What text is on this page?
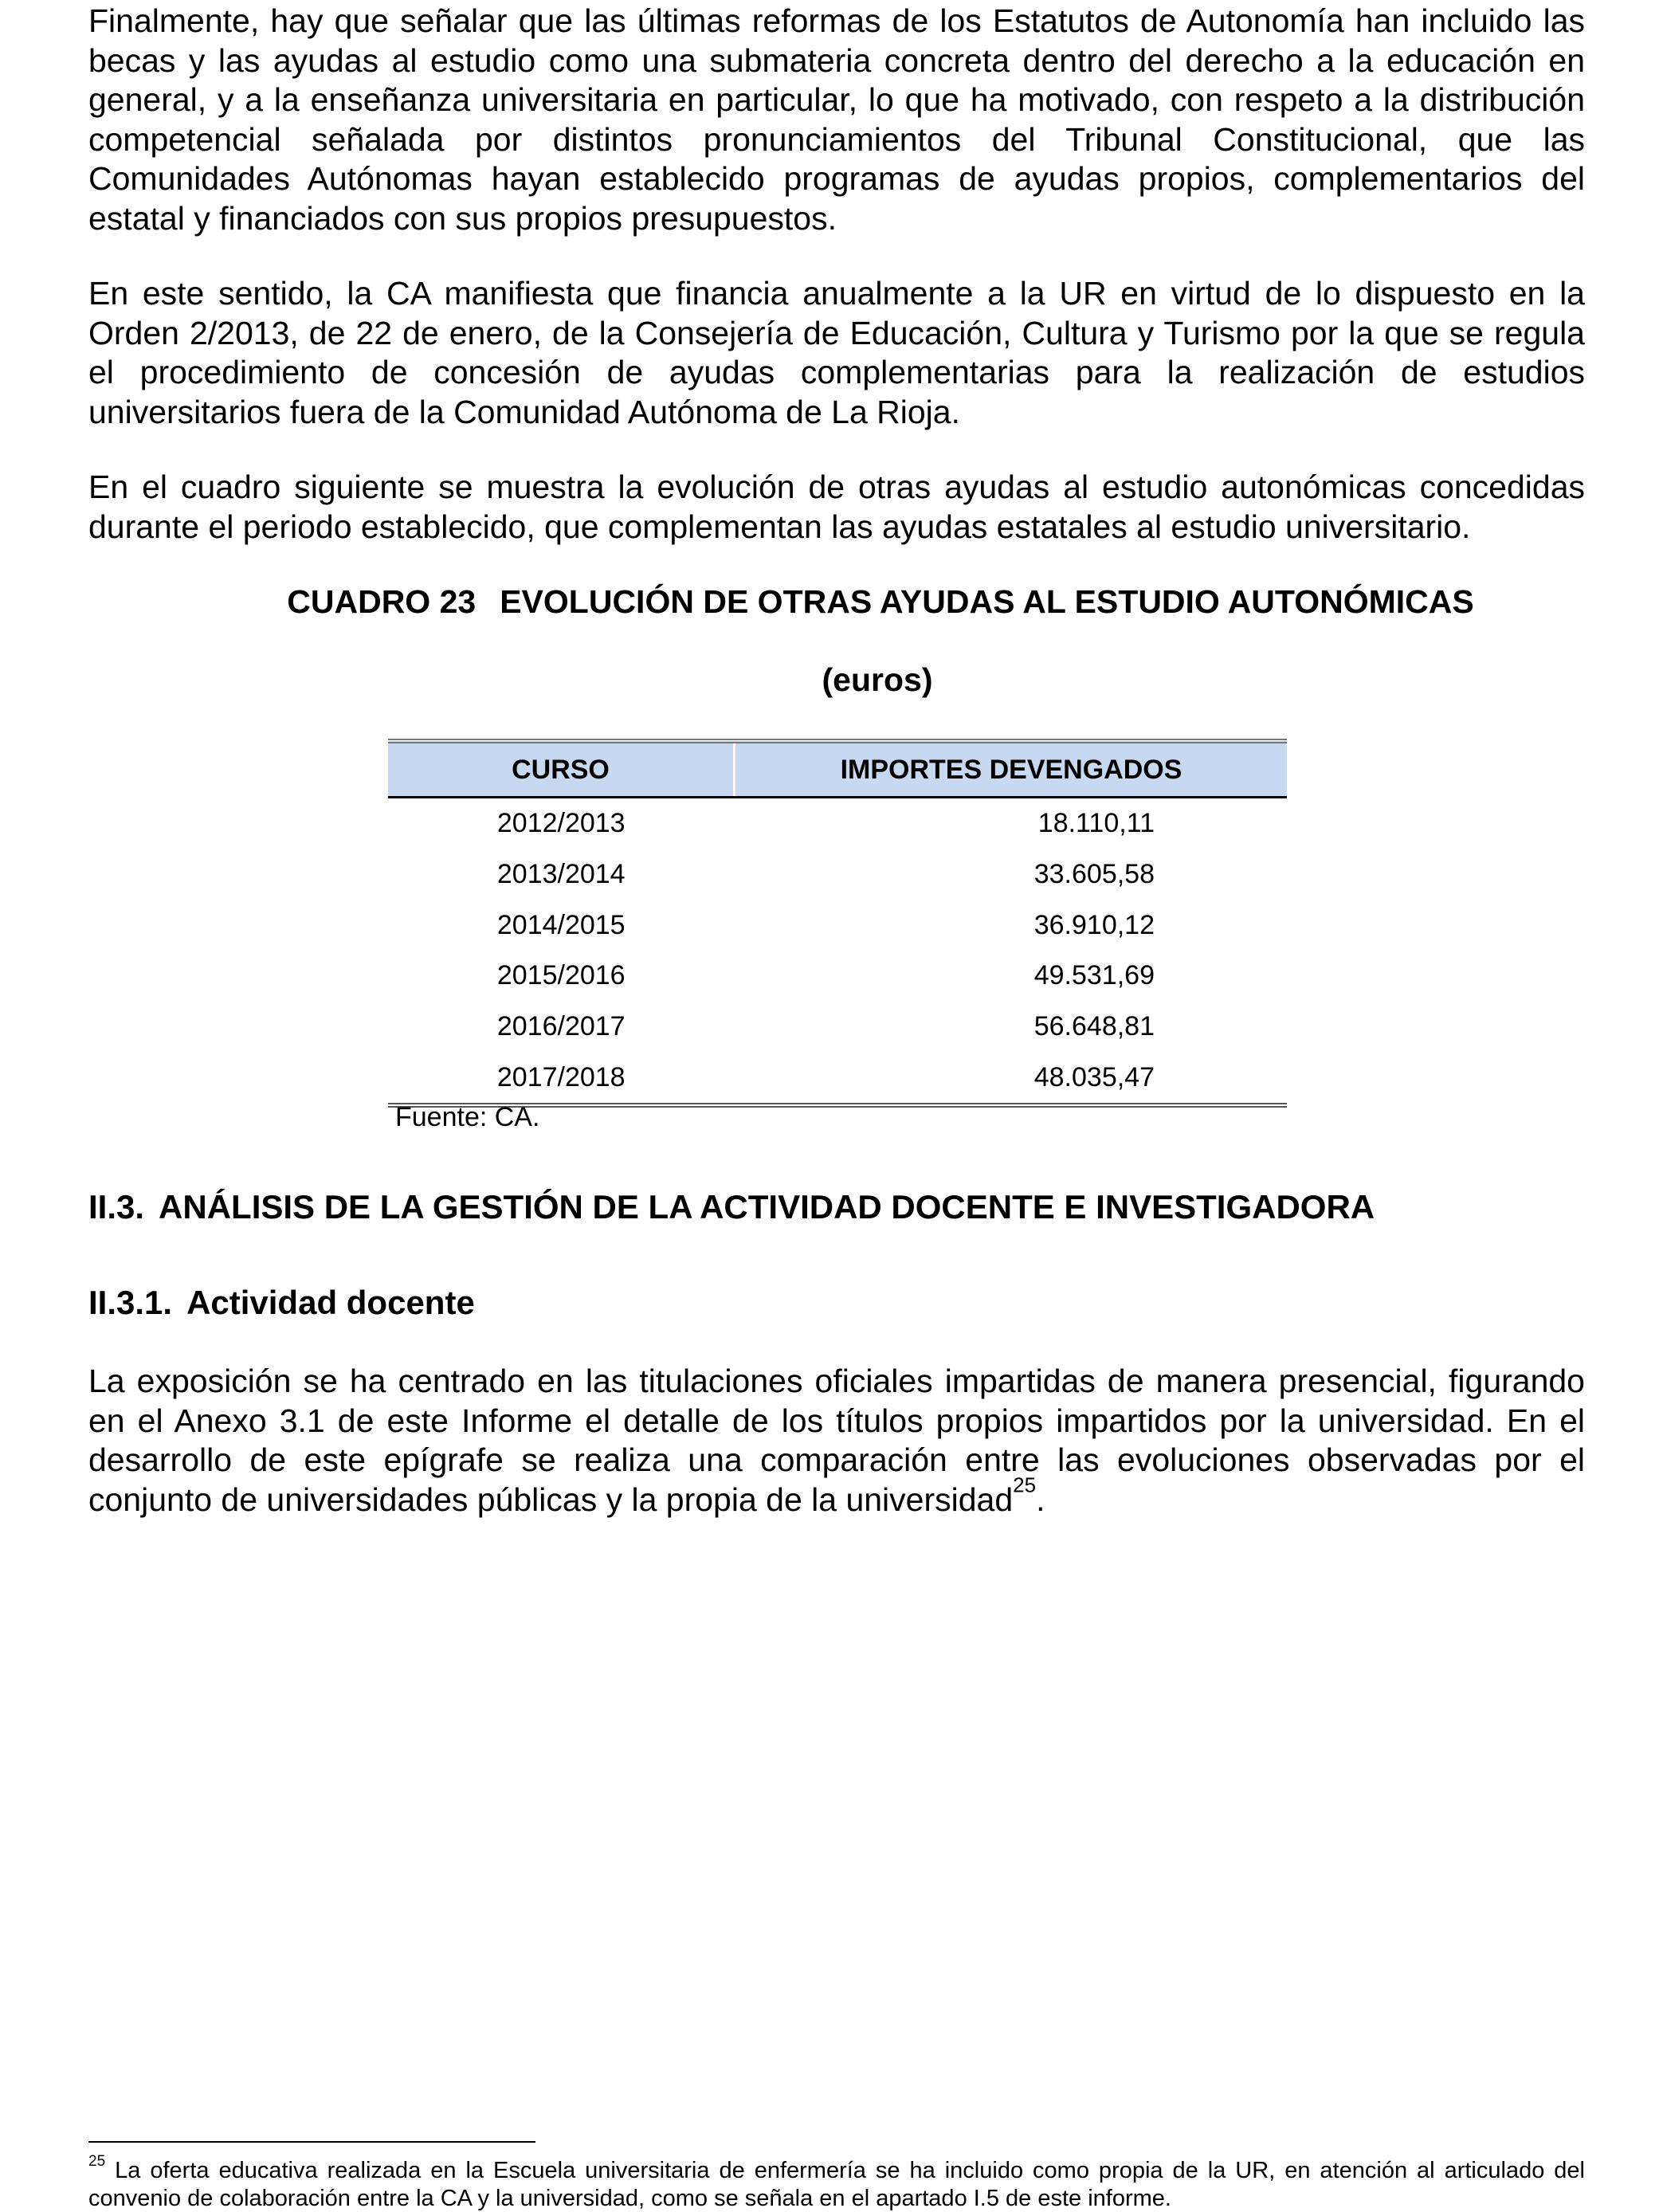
Finalmente, hay que señalar que las últimas reformas de los Estatutos de Autonomía han incluido las becas y las ayudas al estudio como una submateria concreta dentro del derecho a la educación en general, y a la enseñanza universitaria en particular, lo que ha motivado, con respeto a la distribución competencial señalada por distintos pronunciamientos del Tribunal Constitucional, que las Comunidades Autónomas hayan establecido programas de ayudas propios, complementarios del estatal y financiados con sus propios presupuestos.

En este sentido, la CA manifiesta que financia anualmente a la UR en virtud de lo dispuesto en la Orden 2/2013, de 22 de enero, de la Consejería de Educación, Cultura y Turismo por la que se regula el procedimiento de concesión de ayudas complementarias para la realización de estudios universitarios fuera de la Comunidad Autónoma de La Rioja.

En el cuadro siguiente se muestra la evolución de otras ayudas al estudio autonómicas concedidas durante el periodo establecido, que complementan las ayudas estatales al estudio universitario.

CUADRO 23 EVOLUCIÓN DE OTRAS AYUDAS AL ESTUDIO AUTONÓMICAS
(euros)
CURSO	IMPORTES DEVENGADOS
2012/2013	18.110,11
2013/2014	33.605,58
2014/2015	36.910,12
2015/2016	49.531,69
2016/2017	56.648,81
2017/2018	48.035,47
Fuente: CA.
II.3. ANÁLISIS DE LA GESTIÓN DE LA ACTIVIDAD DOCENTE E INVESTIGADORA
II.3.1. Actividad docente

La exposición se ha centrado en las titulaciones oficiales impartidas de manera presencial, figurando en el Anexo 3.1 de este Informe el detalle de los títulos propios impartidos por la universidad. En el desarrollo de este epígrafe se realiza una comparación entre las evoluciones observadas por el conjunto de universidades públicas y la propia de la universidad$^{25}$.

$^{25}$ La oferta educativa realizada en la Escuela universitaria de enfermería se ha incluido como propia de la UR, en atención al articulado del convenio de colaboración entre la CA y la universidad, como se señala en el apartado I.5 de este informe.
